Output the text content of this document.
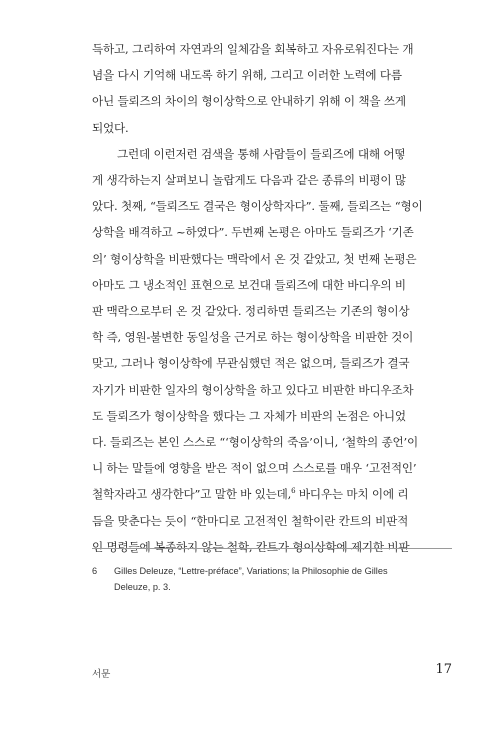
득하고, 그리하여 자연과의 일체감을 회복하고 자유로워진다는 개
념을 다시 기억해 내도록 하기 위해, 그리고 이러한 노력에 다름
아닌 들뢰즈의 차이의 형이상학으로 안내하기 위해 이 책을 쓰게
되었다.
그런데 이런저런 검색을 통해 사람들이 들뢰즈에 대해 어떻
게 생각하는지 살펴보니 놀랍게도 다음과 같은 종류의 비평이 많
았다. 첫째, “들뢰즈도 결국은 형이상학자다”. 둘째, 들뢰즈는 “형이
상학을 배격하고 ~하였다”. 두번째 논평은 아마도 들뢰즈가 ‘기존
의’ 형이상학을 비판했다는 맥락에서 온 것 같았고, 첫 번째 논평은
아마도 그 냉소적인 표현으로 보건대 들뢰즈에 대한 바디우의 비
판 맥락으로부터 온 것 같았다. 정리하면 들뢰즈는 기존의 형이상
학 즉, 영원-불변한 동일성을 근거로 하는 형이상학을 비판한 것이
맞고, 그러나 형이상학에 무관심했던 적은 없으며, 들뢰즈가 결국
자기가 비판한 일자의 형이상학을 하고 있다고 비판한 바디우조차
도 들뢰즈가 형이상학을 했다는 그 자체가 비판의 논점은 아니었
다. 들뢰즈는 본인 스스로 “‘형이상학의 죽음’이니, ‘철학의 종언’이
니 하는 말들에 영향을 받은 적이 없으며 스스로를 매우 ‘고전적인’
철학자라고 생각한다”고 말한 바 있는데,$^6$ 바디우는 마치 이에 리
듬을 맞춘다는 듯이 “한마디로 고전적인 철학이란 칸트의 비판적
인 명령들에 복종하지 않는 철학, 칸트가 형이상학에 제기한 비판
6 Gilles Deleuze, “Lettre-préface”, Variations; la Philosophie de Gilles
Deleuze, p. 3.
서문	17
